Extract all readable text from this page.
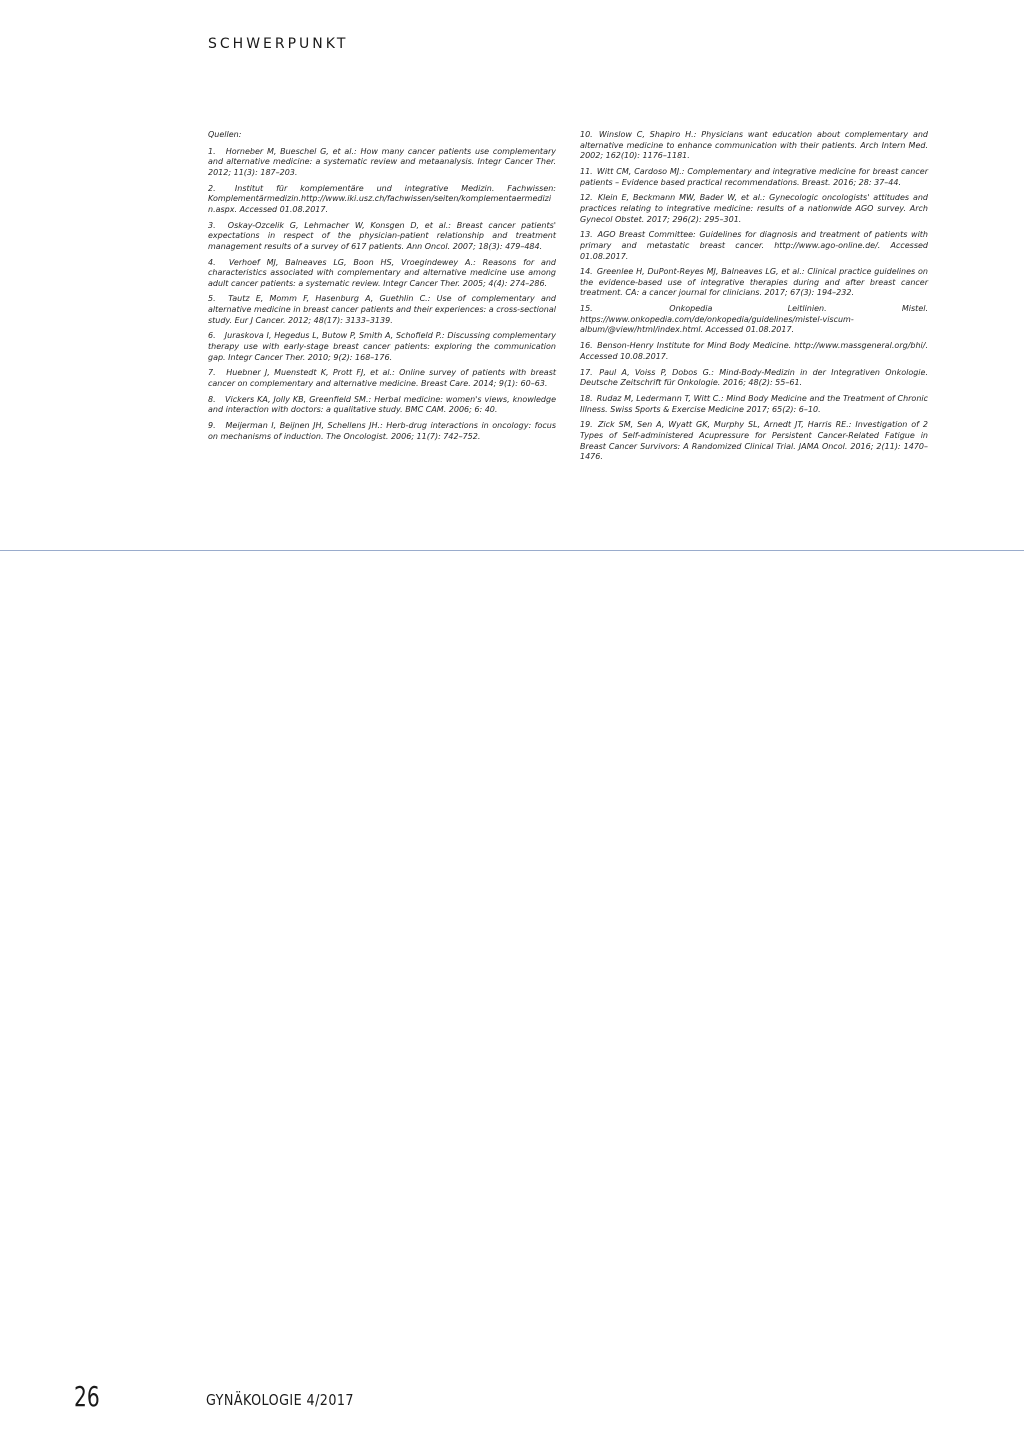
SCHWERPUNKT

Quellen:

1. Horneber M, Bueschel G, et al.: How many cancer patients use complementary and alternative medicine: a systematic review and metaanalysis. Integr Cancer Ther. 2012; 11(3): 187–203.

2. Institut für komplementäre und integrative Medizin. Fachwissen: Komplementärmedizin.http://www.iki.usz.ch/fachwissen/seiten/komplementaermedizin.aspx. Accessed 01.08.2017.

3. Oskay-Ozcelik G, Lehmacher W, Konsgen D, et al.: Breast cancer patients' expectations in respect of the physician-patient relationship and treatment management results of a survey of 617 patients. Ann Oncol. 2007; 18(3): 479–484.

4. Verhoef MJ, Balneaves LG, Boon HS, Vroegindewey A.: Reasons for and characteristics associated with complementary and alternative medicine use among adult cancer patients: a systematic review. Integr Cancer Ther. 2005; 4(4): 274–286.

5. Tautz E, Momm F, Hasenburg A, Guethlin C.: Use of complementary and alternative medicine in breast cancer patients and their experiences: a cross-sectional study. Eur J Cancer. 2012; 48(17): 3133–3139.

6. Juraskova I, Hegedus L, Butow P, Smith A, Schofield P.: Discussing complementary therapy use with early-stage breast cancer patients: exploring the communication gap. Integr Cancer Ther. 2010; 9(2): 168–176.

7. Huebner J, Muenstedt K, Prott FJ, et al.: Online survey of patients with breast cancer on complementary and alternative medicine. Breast Care. 2014; 9(1): 60–63.

8. Vickers KA, Jolly KB, Greenfield SM.: Herbal medicine: women's views, knowledge and interaction with doctors: a qualitative study. BMC CAM. 2006; 6: 40.

9. Meijerman I, Beijnen JH, Schellens JH.: Herb-drug interactions in oncology: focus on mechanisms of induction. The Oncologist. 2006; 11(7): 742–752.

10. Winslow C, Shapiro H.: Physicians want education about complementary and alternative medicine to enhance communication with their patients. Arch Intern Med. 2002; 162(10): 1176–1181.

11. Witt CM, Cardoso MJ.: Complementary and integrative medicine for breast cancer patients – Evidence based practical recommendations. Breast. 2016; 28: 37–44.

12. Klein E, Beckmann MW, Bader W, et al.: Gynecologic oncologists' attitudes and practices relating to integrative medicine: results of a nationwide AGO survey. Arch Gynecol Obstet. 2017; 296(2): 295–301.

13. AGO Breast Committee: Guidelines for diagnosis and treatment of patients with primary and metastatic breast cancer. http://www.ago-online.de/. Accessed 01.08.2017.

14. Greenlee H, DuPont-Reyes MJ, Balneaves LG, et al.: Clinical practice guidelines on the evidence-based use of integrative therapies during and after breast cancer treatment. CA: a cancer journal for clinicians. 2017; 67(3): 194–232.

15.	Onkopedia Leitlinien. Mistel. https://www.onkopedia.com/de/onkopedia/guidelines/mistel-viscum-album/@view/html/index.html. Accessed 01.08.2017.

16. Benson-Henry Institute for Mind Body Medicine. http://www.massgeneral.org/bhi/. Accessed 10.08.2017.

17. Paul A, Voiss P, Dobos G.: Mind-Body-Medizin in der Integrativen Onkologie. Deutsche Zeitschrift für Onkologie. 2016; 48(2): 55–61.

18. Rudaz M, Ledermann T, Witt C.: Mind Body Medicine and the Treatment of Chronic Illness. Swiss Sports & Exercise Medicine 2017; 65(2): 6–10.

19. Zick SM, Sen A, Wyatt GK, Murphy SL, Arnedt JT, Harris RE.: Investigation of 2 Types of Self-administered Acupressure for Persistent Cancer-Related Fatigue in Breast Cancer Survivors: A Randomized Clinical Trial. JAMA Oncol. 2016; 2(11): 1470–1476.

26	GYNÄKOLOGIE 4/2017
